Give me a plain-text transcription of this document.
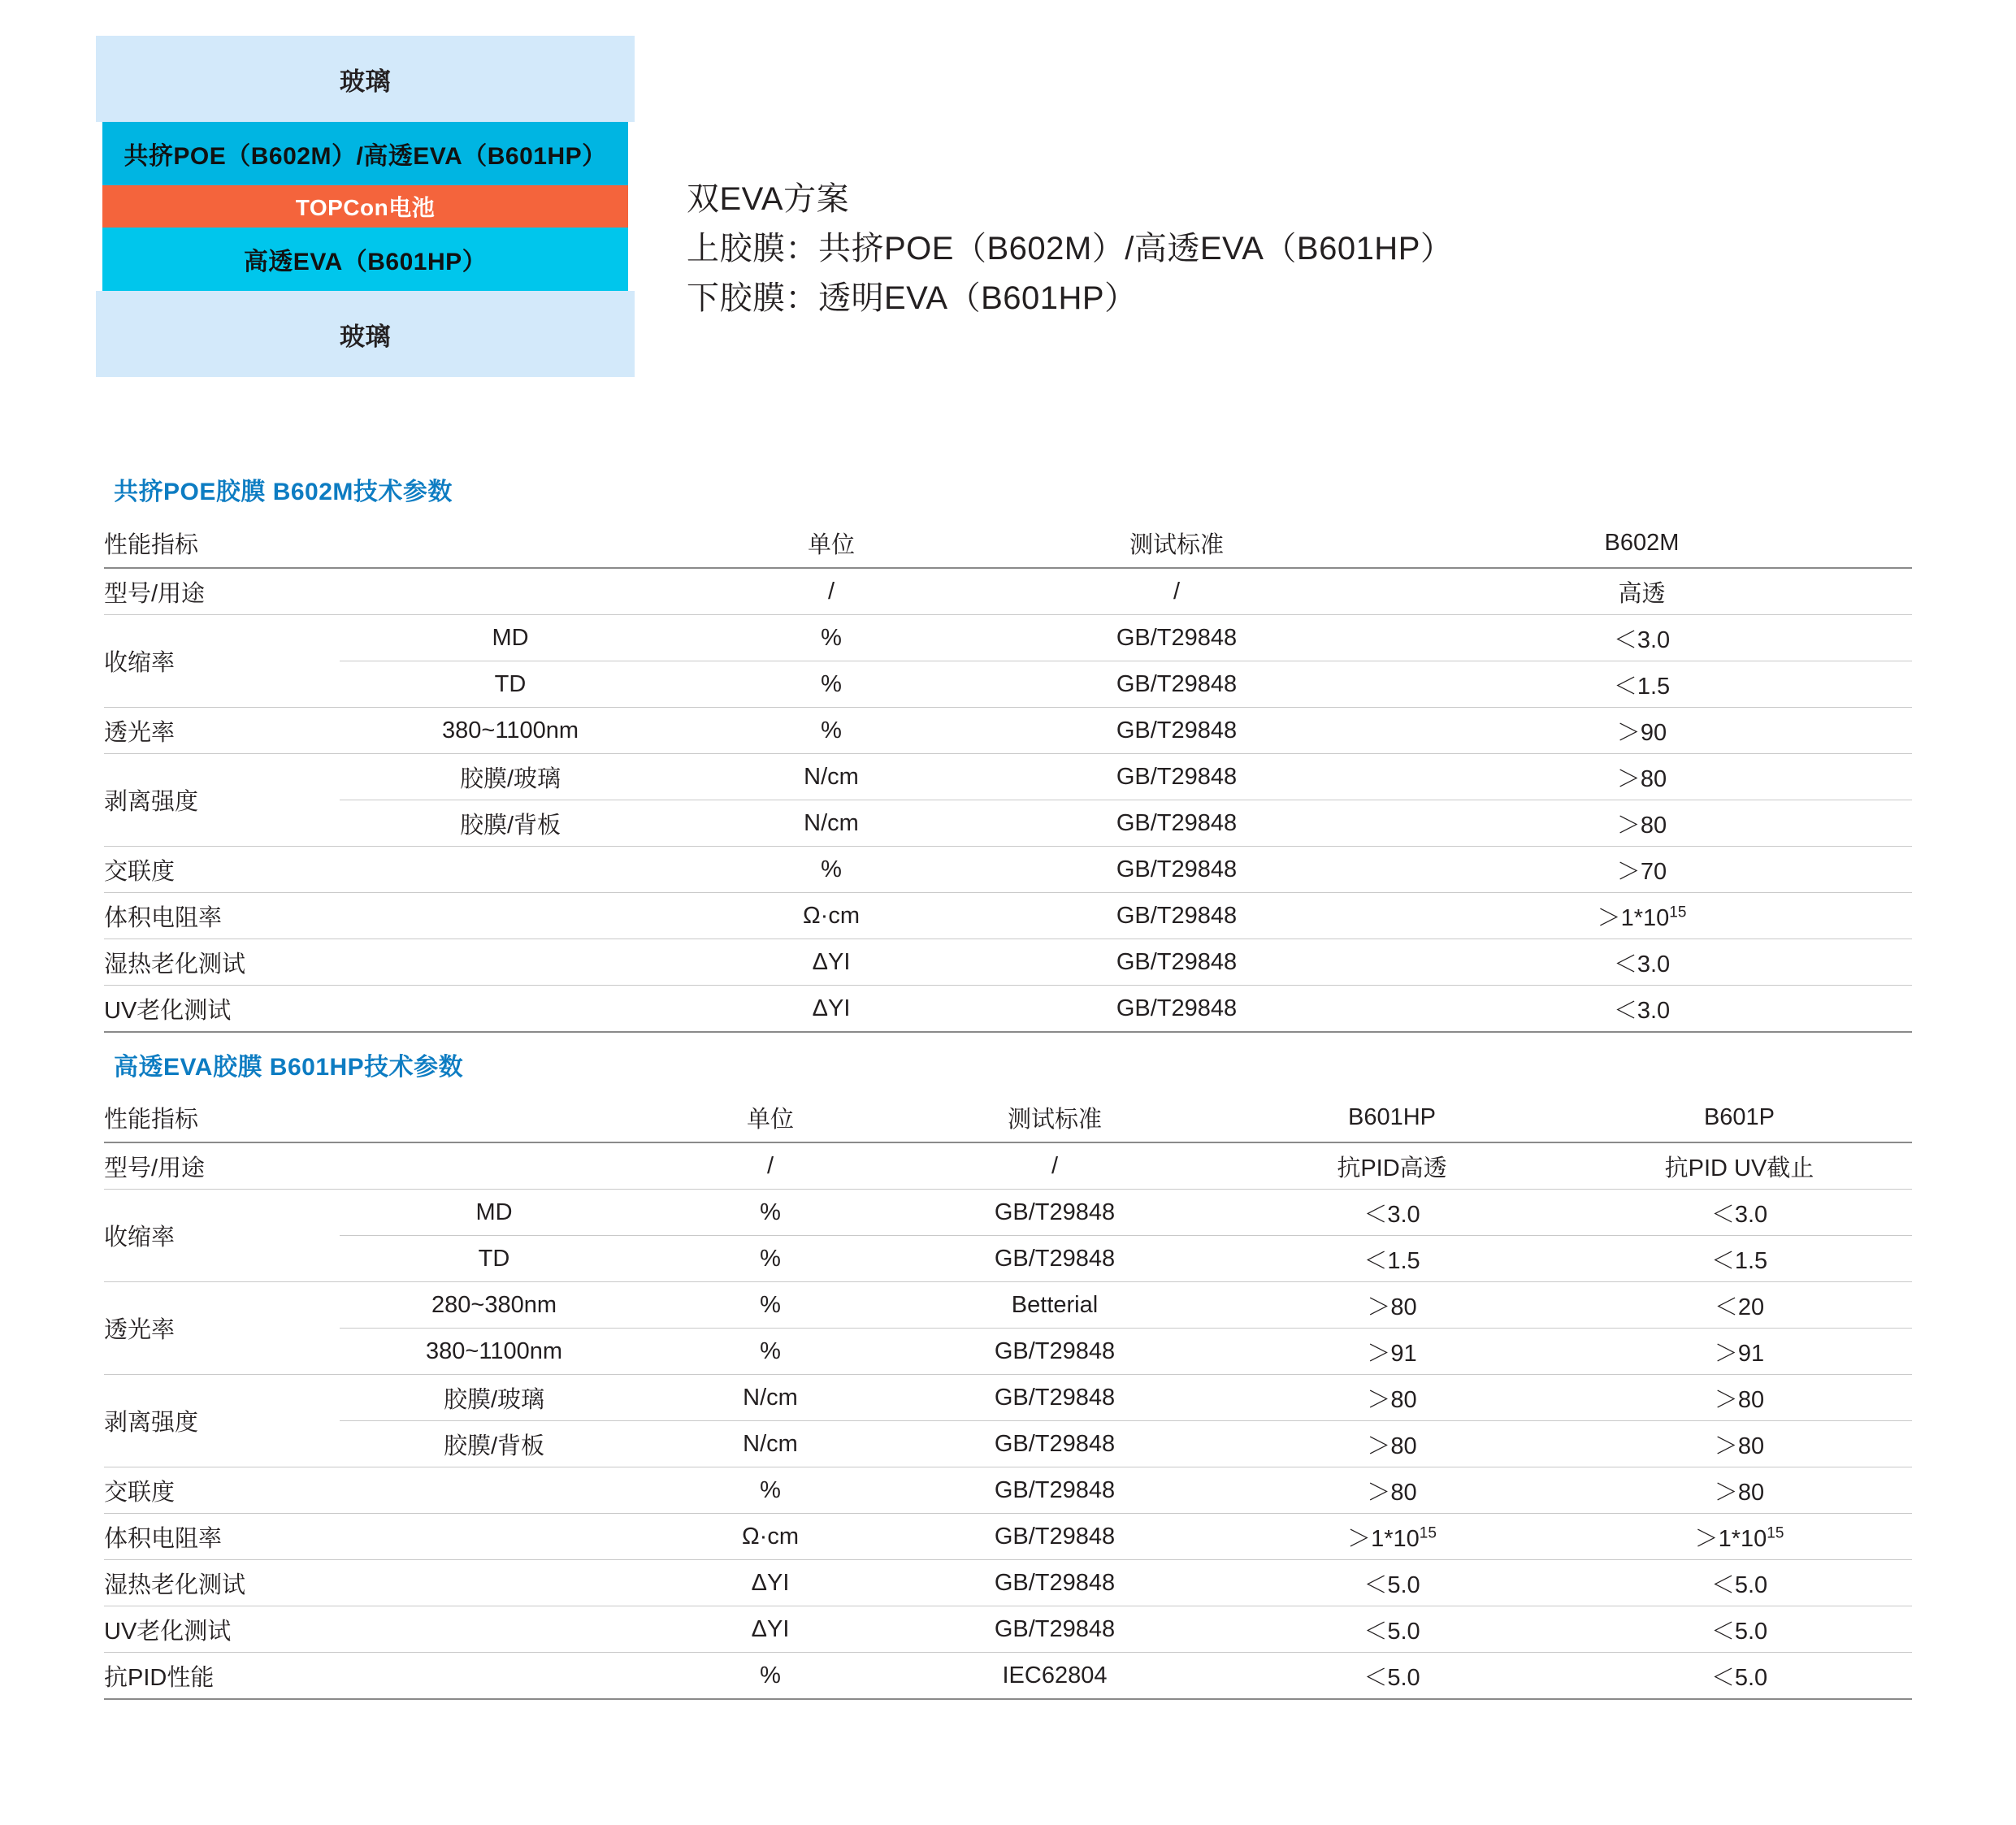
玻璃
共挤POE（B602M）/高透EVA（B601HP）
TOPCon电池
高透EVA（B601HP）
玻璃
双EVA方案
上胶膜：共挤POE（B602M）/高透EVA（B601HP）
下胶膜：透明EVA（B601HP）
共挤POE胶膜 B602M技术参数
性能指标		单位	测试标准	B602M
型号/用途		/	/	高透
收缩率	MD	%	GB/T29848	＜3.0
	TD	%	GB/T29848	＜1.5
透光率	380~1100nm	%	GB/T29848	＞90
剥离强度	胶膜/玻璃	N/cm	GB/T29848	＞80
	胶膜/背板	N/cm	GB/T29848	＞80
交联度		%	GB/T29848	＞70
体积电阻率		Ω·cm	GB/T29848	$>1*10^{15}$
湿热老化测试		ΔYI	GB/T29848	＜3.0
UV老化测试		ΔYI	GB/T29848	＜3.0
高透EVA胶膜 B601HP技术参数
性能指标		单位	测试标准	B601HP	B601P
型号/用途		/	/	抗PID高透	抗PID UV截止
收缩率	MD	%	GB/T29848	＜3.0	＜3.0
	TD	%	GB/T29848	＜1.5	＜1.5
透光率	280~380nm	%	Betterial	＞80	＜20
	380~1100nm	%	GB/T29848	＞91	＞91
剥离强度	胶膜/玻璃	N/cm	GB/T29848	＞80	＞80
	胶膜/背板	N/cm	GB/T29848	＞80	＞80
交联度		%	GB/T29848	＞80	＞80
体积电阻率		Ω·cm	GB/T29848	$>1*10^{15}$	$>1*10^{15}$
湿热老化测试		ΔYI	GB/T29848	＜5.0	＜5.0
UV老化测试		ΔYI	GB/T29848	＜5.0	＜5.0
抗PID性能		%	IEC62804	＜5.0	＜5.0
